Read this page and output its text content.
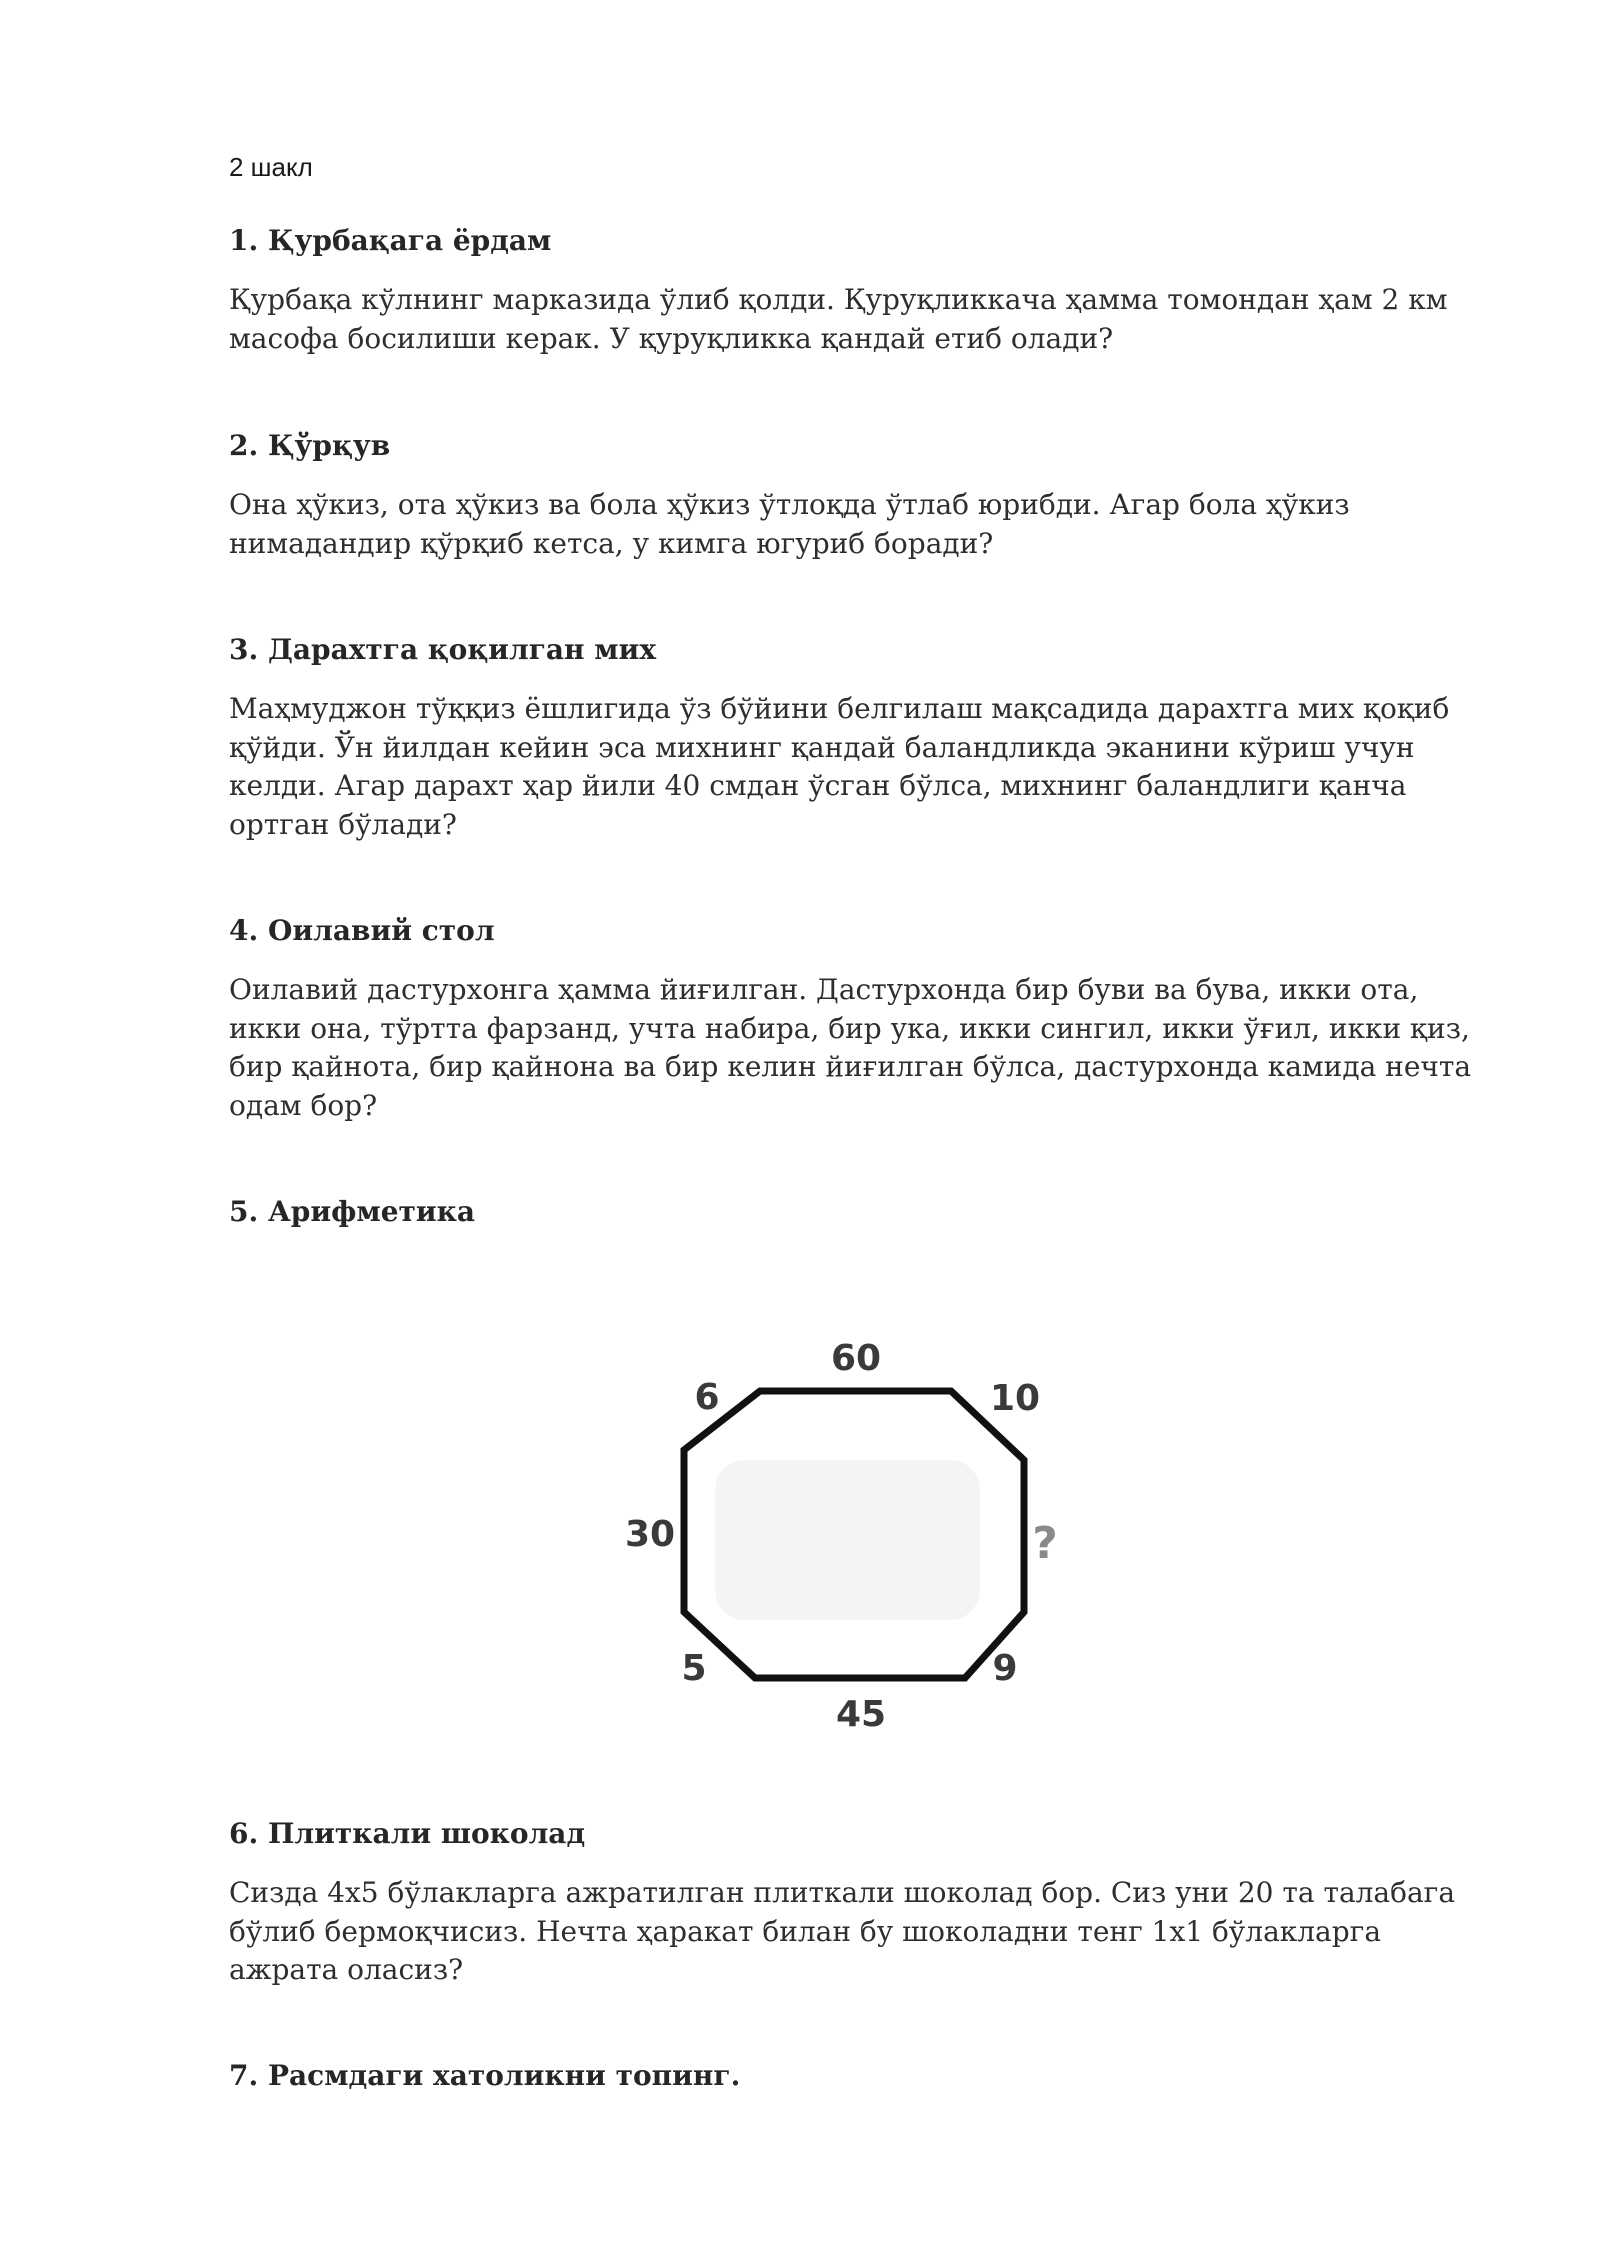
2 шакл
1. Қурбақага ёрдам
Қурбақа кўлнинг марказида ўлиб қолди. Қуруқликкача ҳамма томондан ҳам 2 км масофа босилиши керак. У қуруқликка қандай етиб олади?
2. Қўрқув
Она ҳўкиз, ота ҳўкиз ва бола ҳўкиз ўтлоқда ўтлаб юрибди. Агар бола ҳўкиз нимадандир қўрқиб кетса, у кимга югуриб боради?
3. Дарахтга қоқилган мих
Маҳмуджон тўққиз ёшлигида ўз бўйини белгилаш мақсадида дарахтга мих қоқиб қўйди. Ўн йилдан кейин эса михнинг қандай баландликда эканини кўриш учун келди. Агар дарахт ҳар йили 40 смдан ўсган бўлса, михнинг баландлиги қанча ортган бўлади?
4. Оилавий стол
Оилавий дастурхонга ҳамма йиғилган. Дастурхонда бир буви ва бува, икки ота, икки она, тўртта фарзанд, учта набира, бир ука, икки сингил, икки ўғил, икки қиз, бир қайнота, бир қайнона ва бир келин йиғилган бўлса, дастурхонда камида нечта одам бор?
5. Арифметика
6. Плиткали шоколад
Сизда 4х5 бўлакларга ажратилган плиткали шоколад бор. Сиз уни 20 та талабага бўлиб бермоқчисиз. Нечта ҳаракат билан бу шоколадни тенг 1х1 бўлакларга ажрата оласиз?
7. Расмдаги хатоликни топинг.
60
6	10
30	?
5	9
45
